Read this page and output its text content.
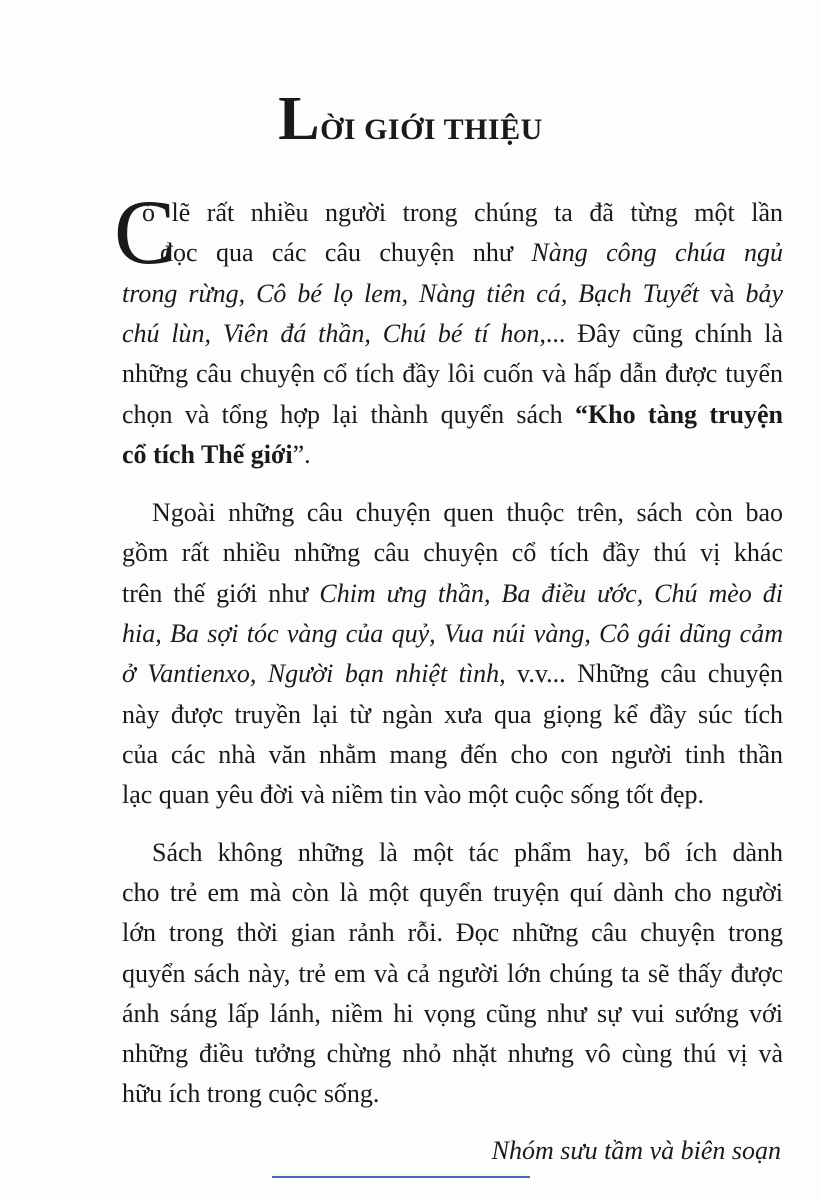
LỜI GIỚI THIỆU
C
ó lẽ rất nhiều người trong chúng ta đã từng một lần
đọc qua các câu chuyện như Nàng công chúa ngủ
trong rừng, Cô bé lọ lem, Nàng tiên cá, Bạch Tuyết và bảy
chú lùn, Viên đá thần, Chú bé tí hon,... Đây cũng chính là
những câu chuyện cổ tích đầy lôi cuốn và hấp dẫn được tuyển
chọn và tổng hợp lại thành quyển sách “Kho tàng truyện
cổ tích Thế giới”.
Ngoài những câu chuyện quen thuộc trên, sách còn bao
gồm rất nhiều những câu chuyện cổ tích đầy thú vị khác
trên thế giới như Chim ưng thần, Ba điều ước, Chú mèo đi
hia, Ba sợi tóc vàng của quỷ, Vua núi vàng, Cô gái dũng cảm
ở Vantienxo, Người bạn nhiệt tình, v.v... Những câu chuyện
này được truyền lại từ ngàn xưa qua giọng kể đầy súc tích
của các nhà văn nhằm mang đến cho con người tinh thần
lạc quan yêu đời và niềm tin vào một cuộc sống tốt đẹp.
Sách không những là một tác phẩm hay, bổ ích dành
cho trẻ em mà còn là một quyển truyện quí dành cho người
lớn trong thời gian rảnh rỗi. Đọc những câu chuyện trong
quyển sách này, trẻ em và cả người lớn chúng ta sẽ thấy được
ánh sáng lấp lánh, niềm hi vọng cũng như sự vui sướng với
những điều tưởng chừng nhỏ nhặt nhưng vô cùng thú vị và
hữu ích trong cuộc sống.
Nhóm sưu tầm và biên soạn
